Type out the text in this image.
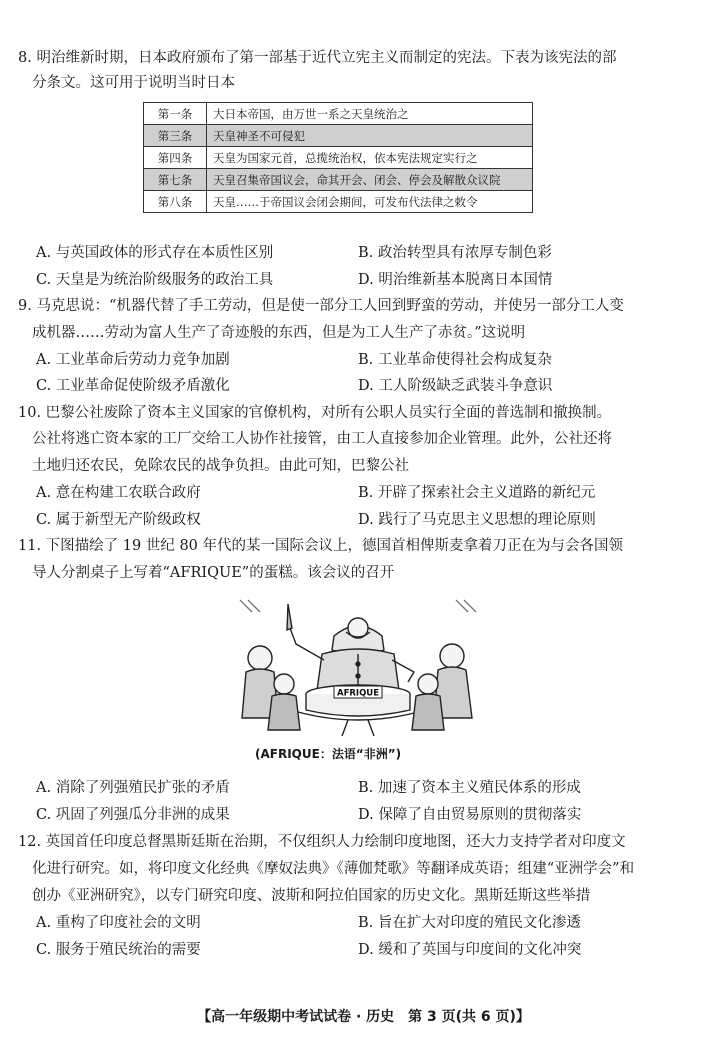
8. 明治维新时期，日本政府颁布了第一部基于近代立宪主义而制定的宪法。下表为该宪法的部
分条文。这可用于说明当时日本
第一条	大日本帝国，由万世一系之天皇统治之
第三条	天皇神圣不可侵犯
第四条	天皇为国家元首，总揽统治权，依本宪法规定实行之
第七条	天皇召集帝国议会，命其开会、闭会、停会及解散众议院
第八条	天皇……于帝国议会闭会期间，可发布代法律之敕令
A. 与英国政体的形式存在本质性区别	B. 政治转型具有浓厚专制色彩
C. 天皇是为统治阶级服务的政治工具	D. 明治维新基本脱离日本国情
9. 马克思说：“机器代替了手工劳动，但是使一部分工人回到野蛮的劳动，并使另一部分工人变
成机器……劳动为富人生产了奇迹般的东西，但是为工人生产了赤贫。”这说明
A. 工业革命后劳动力竞争加剧	B. 工业革命使得社会构成复杂
C. 工业革命促使阶级矛盾激化	D. 工人阶级缺乏武装斗争意识
10. 巴黎公社废除了资本主义国家的官僚机构，对所有公职人员实行全面的普选制和撤换制。
公社将逃亡资本家的工厂交给工人协作社接管，由工人直接参加企业管理。此外，公社还将
土地归还农民，免除农民的战争负担。由此可知，巴黎公社
A. 意在构建工农联合政府	B. 开辟了探索社会主义道路的新纪元
C. 属于新型无产阶级政权	D. 践行了马克思主义思想的理论原则
11. 下图描绘了 19 世纪 80 年代的某一国际会议上，德国首相俾斯麦拿着刀正在为与会各国领
导人分割桌子上写着“AFRIQUE”的蛋糕。该会议的召开
AFRIQUE
(AFRIQUE：法语“非洲”)
A. 消除了列强殖民扩张的矛盾	B. 加速了资本主义殖民体系的形成
C. 巩固了列强瓜分非洲的成果	D. 保障了自由贸易原则的贯彻落实
12. 英国首任印度总督黑斯廷斯在治期，不仅组织人力绘制印度地图，还大力支持学者对印度文
化进行研究。如，将印度文化经典《摩奴法典》《薄伽梵歌》等翻译成英语；组建“亚洲学会”和
创办《亚洲研究》，以专门研究印度、波斯和阿拉伯国家的历史文化。黑斯廷斯这些举措
A. 重构了印度社会的文明	B. 旨在扩大对印度的殖民文化渗透
C. 服务于殖民统治的需要	D. 缓和了英国与印度间的文化冲突
【高一年级期中考试试卷 · 历史　第 3 页(共 6 页)】
